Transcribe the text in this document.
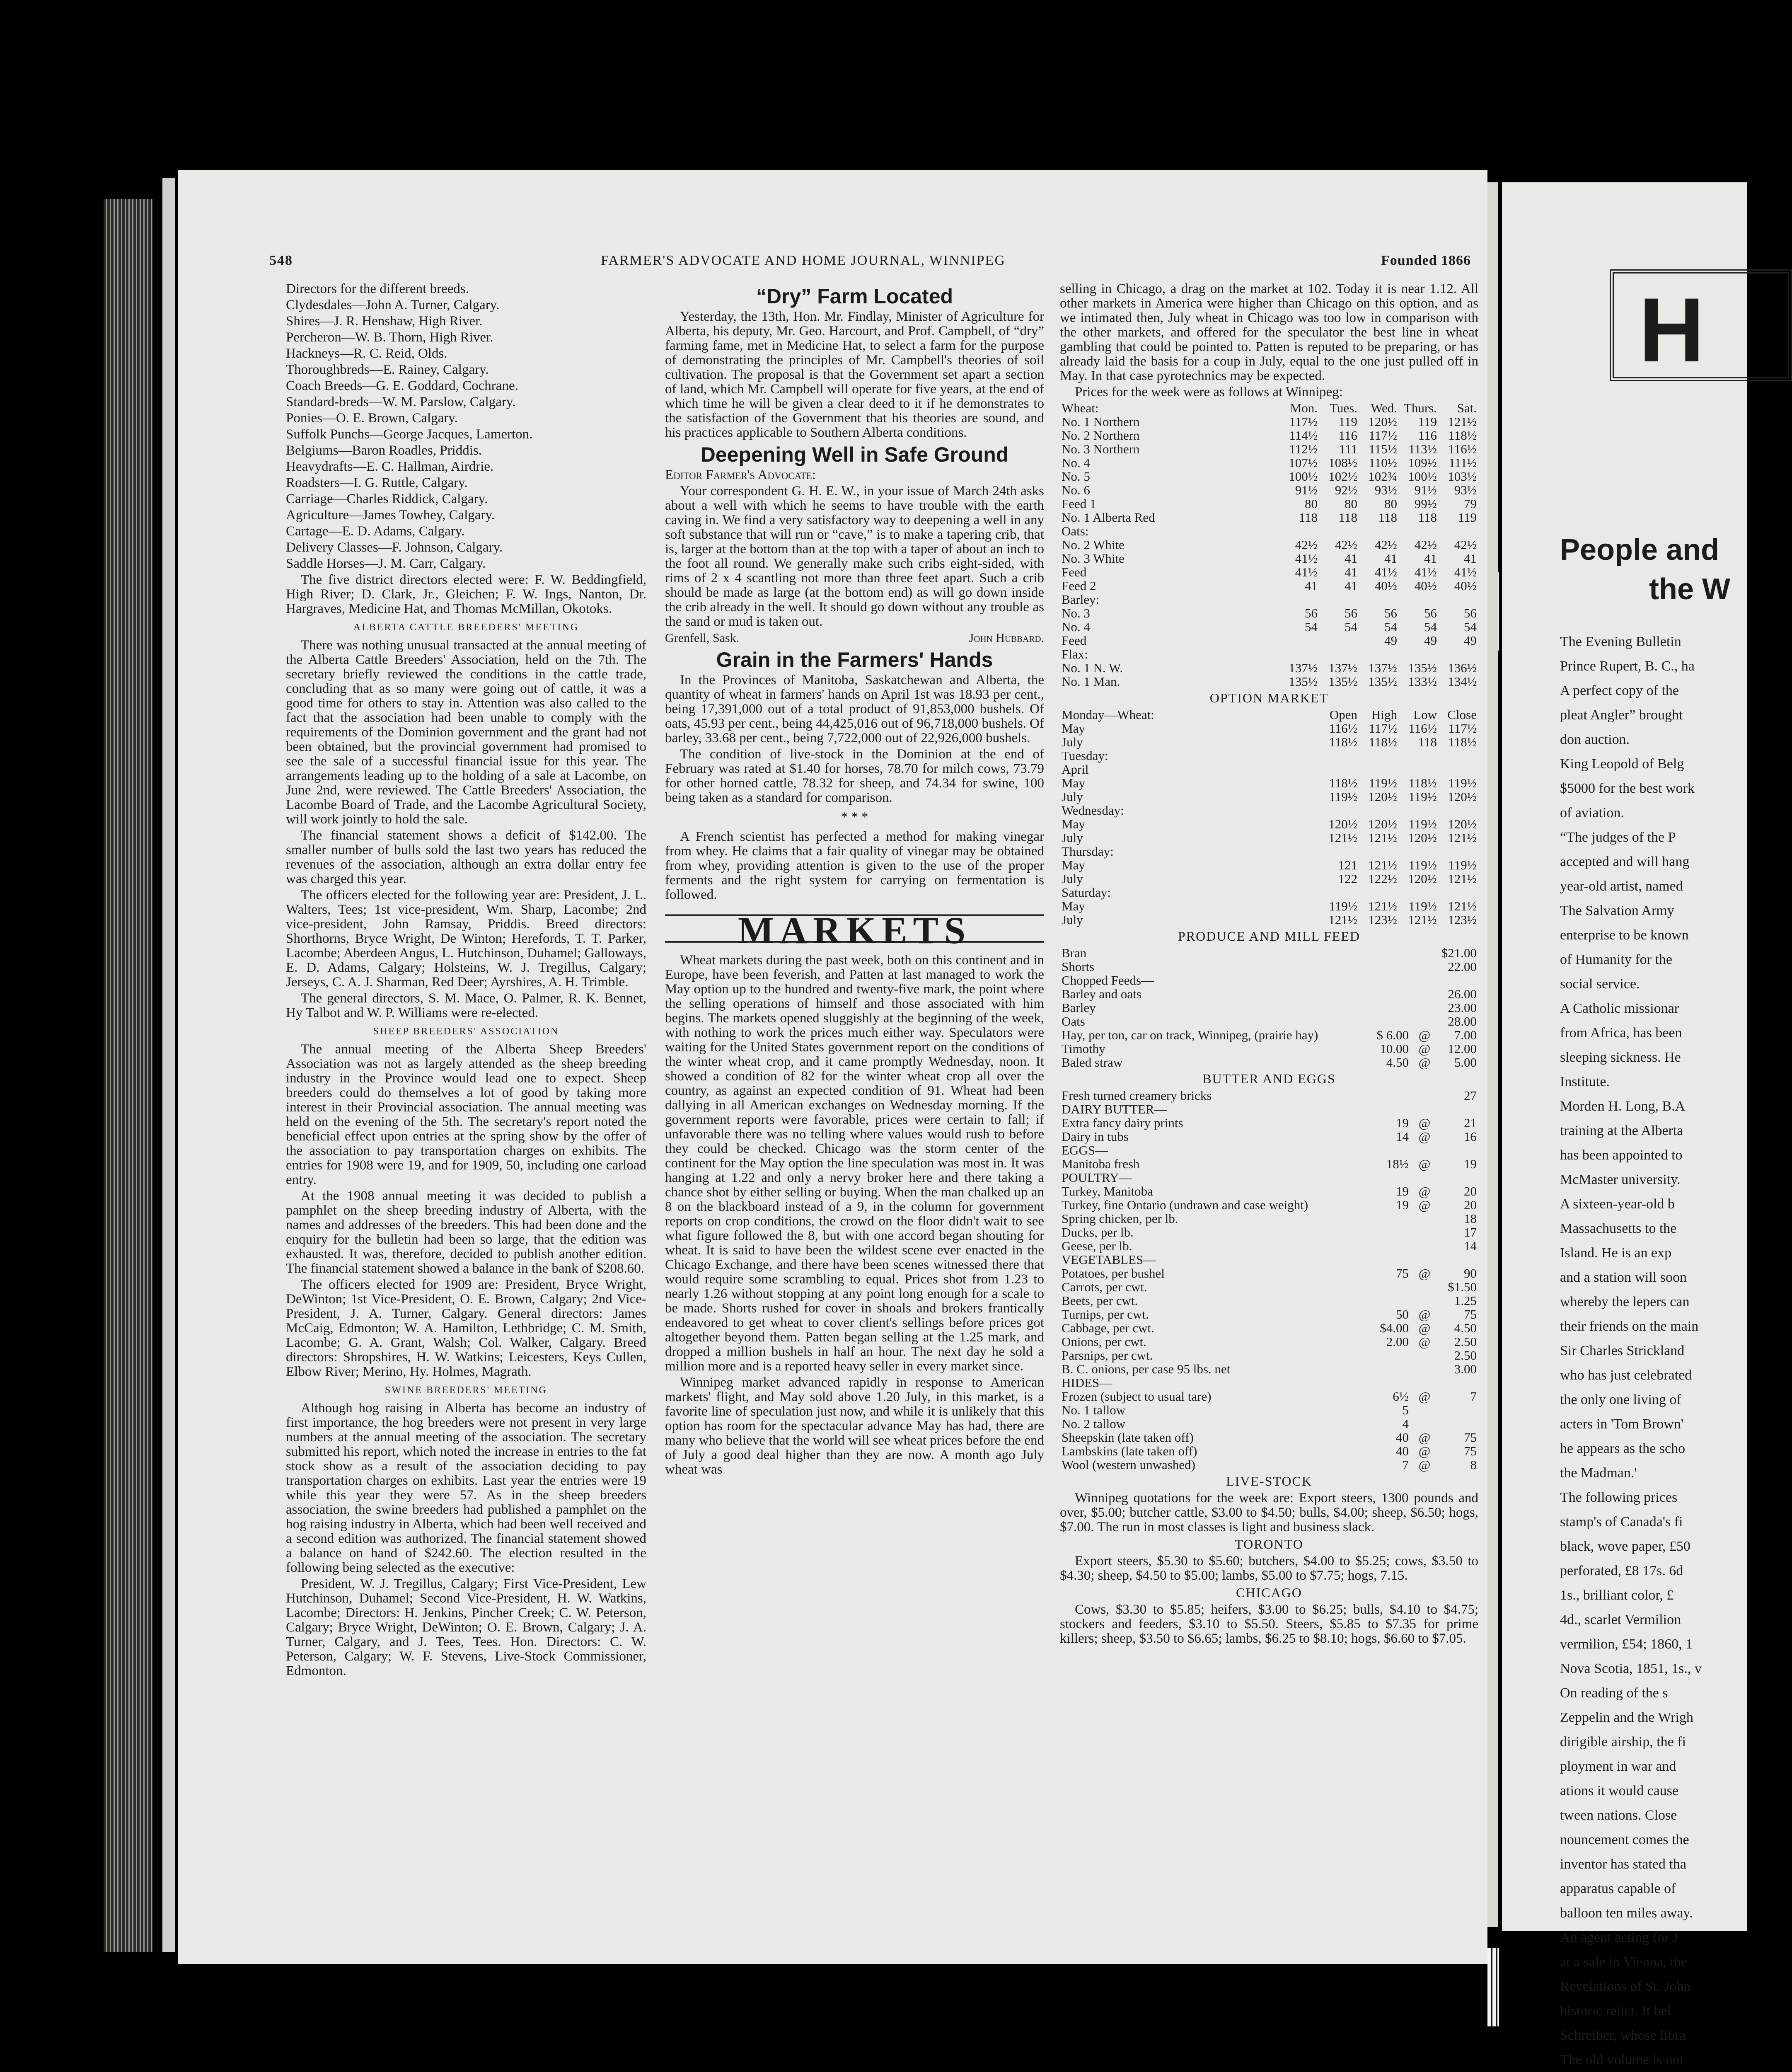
548	FARMER'S ADVOCATE AND HOME JOURNAL, WINNIPEG	Founded 1866

Directors for the different breeds.

Clydesdales—John A. Turner, Calgary.

Shires—J. R. Henshaw, High River.

Percheron—W. B. Thorn, High River.

Hackneys—R. C. Reid, Olds.

Thoroughbreds—E. Rainey, Calgary.

Coach Breeds—G. E. Goddard, Cochrane.

Standard-breds—W. M. Parslow, Calgary.

Ponies—O. E. Brown, Calgary.

Suffolk Punchs—George Jacques, Lamerton.

Belgiums—Baron Roadles, Priddis.

Heavydrafts—E. C. Hallman, Airdrie.

Roadsters—I. G. Ruttle, Calgary.

Carriage—Charles Riddick, Calgary.

Agriculture—James Towhey, Calgary.

Cartage—E. D. Adams, Calgary.

Delivery Classes—F. Johnson, Calgary.

Saddle Horses—J. M. Carr, Calgary.

The five district directors elected were: F. W. Beddingfield, High River; D. Clark, Jr., Gleichen; F. W. Ings, Nanton, Dr. Hargraves, Medicine Hat, and Thomas McMillan, Okotoks.

ALBERTA CATTLE BREEDERS' MEETING

There was nothing unusual transacted at the annual meeting of the Alberta Cattle Breeders' Association, held on the 7th. The secretary briefly reviewed the conditions in the cattle trade, concluding that as so many were going out of cattle, it was a good time for others to stay in. Attention was also called to the fact that the association had been unable to comply with the requirements of the Dominion government and the grant had not been obtained, but the provincial government had promised to see the sale of a successful financial issue for this year. The arrangements leading up to the holding of a sale at Lacombe, on June 2nd, were reviewed. The Cattle Breeders' Association, the Lacombe Board of Trade, and the Lacombe Agricultural Society, will work jointly to hold the sale.

The financial statement shows a deficit of $142.00. The smaller number of bulls sold the last two years has reduced the revenues of the association, although an extra dollar entry fee was charged this year.

The officers elected for the following year are: President, J. L. Walters, Tees; 1st vice-president, Wm. Sharp, Lacombe; 2nd vice-president, John Ramsay, Priddis. Breed directors: Shorthorns, Bryce Wright, De Winton; Herefords, T. T. Parker, Lacombe; Aberdeen Angus, L. Hutchinson, Duhamel; Galloways, E. D. Adams, Calgary; Holsteins, W. J. Tregillus, Calgary; Jerseys, C. A. J. Sharman, Red Deer; Ayrshires, A. H. Trimble.

The general directors, S. M. Mace, O. Palmer, R. K. Bennet, Hy Talbot and W. P. Williams were re-elected.

SHEEP BREEDERS' ASSOCIATION

The annual meeting of the Alberta Sheep Breeders' Association was not as largely attended as the sheep breeding industry in the Province would lead one to expect. Sheep breeders could do themselves a lot of good by taking more interest in their Provincial association. The annual meeting was held on the evening of the 5th. The secretary's report noted the beneficial effect upon entries at the spring show by the offer of the association to pay transportation charges on exhibits. The entries for 1908 were 19, and for 1909, 50, including one carload entry.

At the 1908 annual meeting it was decided to publish a pamphlet on the sheep breeding industry of Alberta, with the names and addresses of the breeders. This had been done and the enquiry for the bulletin had been so large, that the edition was exhausted. It was, therefore, decided to publish another edition. The financial statement showed a balance in the bank of $208.60.

The officers elected for 1909 are: President, Bryce Wright, DeWinton; 1st Vice-President, O. E. Brown, Calgary; 2nd Vice-President, J. A. Turner, Calgary. General directors: James McCaig, Edmonton; W. A. Hamilton, Lethbridge; C. M. Smith, Lacombe; G. A. Grant, Walsh; Col. Walker, Calgary. Breed directors: Shropshires, H. W. Watkins; Leicesters, Keys Cullen, Elbow River; Merino, Hy. Holmes, Magrath.

SWINE BREEDERS' MEETING

Although hog raising in Alberta has become an industry of first importance, the hog breeders were not present in very large numbers at the annual meeting of the association. The secretary submitted his report, which noted the increase in entries to the fat stock show as a result of the association deciding to pay transportation charges on exhibits. Last year the entries were 19 while this year they were 57. As in the sheep breeders association, the swine breeders had published a pamphlet on the hog raising industry in Alberta, which had been well received and a second edition was authorized. The financial statement showed a balance on hand of $242.60. The election resulted in the following being selected as the executive:

President, W. J. Tregillus, Calgary; First Vice-President, Lew Hutchinson, Duhamel; Second Vice-President, H. W. Watkins, Lacombe; Directors: H. Jenkins, Pincher Creek; C. W. Peterson, Calgary; Bryce Wright, DeWinton; O. E. Brown, Calgary; J. A. Turner, Calgary, and J. Tees, Tees. Hon. Directors: C. W. Peterson, Calgary; W. F. Stevens, Live-Stock Commissioner, Edmonton.

“Dry” Farm Located

Yesterday, the 13th, Hon. Mr. Findlay, Minister of Agriculture for Alberta, his deputy, Mr. Geo. Harcourt, and Prof. Campbell, of “dry” farming fame, met in Medicine Hat, to select a farm for the purpose of demonstrating the principles of Mr. Campbell's theories of soil cultivation. The proposal is that the Government set apart a section of land, which Mr. Campbell will operate for five years, at the end of which time he will be given a clear deed to it if he demonstrates to the satisfaction of the Government that his theories are sound, and his practices applicable to Southern Alberta conditions.

Deepening Well in Safe Ground

Editor Farmer's Advocate:

Your correspondent G. H. E. W., in your issue of March 24th asks about a well with which he seems to have trouble with the earth caving in. We find a very satisfactory way to deepening a well in any soft substance that will run or “cave,” is to make a tapering crib, that is, larger at the bottom than at the top with a taper of about an inch to the foot all round. We generally make such cribs eight-sided, with rims of 2 x 4 scantling not more than three feet apart. Such a crib should be made as large (at the bottom end) as will go down inside the crib already in the well. It should go down without any trouble as the sand or mud is taken out.

Grenfell, Sask.	John Hubbard.
Grain in the Farmers' Hands

In the Provinces of Manitoba, Saskatchewan and Alberta, the quantity of wheat in farmers' hands on April 1st was 18.93 per cent., being 17,391,000 out of a total product of 91,853,000 bushels. Of oats, 45.93 per cent., being 44,425,016 out of 96,718,000 bushels. Of barley, 33.68 per cent., being 7,722,000 out of 22,926,000 bushels.

The condition of live-stock in the Dominion at the end of February was rated at $1.40 for horses, 78.70 for milch cows, 73.79 for other horned cattle, 78.32 for sheep, and 74.34 for swine, 100 being taken as a standard for comparison.

* * *

A French scientist has perfected a method for making vinegar from whey. He claims that a fair quality of vinegar may be obtained from whey, providing attention is given to the use of the proper ferments and the right system for carrying on fermentation is followed.

MARKETS

Wheat markets during the past week, both on this continent and in Europe, have been feverish, and Patten at last managed to work the May option up to the hundred and twenty-five mark, the point where the selling operations of himself and those associated with him begins. The markets opened sluggishly at the beginning of the week, with nothing to work the prices much either way. Speculators were waiting for the United States government report on the conditions of the winter wheat crop, and it came promptly Wednesday, noon. It showed a condition of 82 for the winter wheat crop all over the country, as against an expected condition of 91. Wheat had been dallying in all American exchanges on Wednesday morning. If the government reports were favorable, prices were certain to fall; if unfavorable there was no telling where values would rush to before they could be checked. Chicago was the storm center of the continent for the May option the line speculation was most in. It was hanging at 1.22 and only a nervy broker here and there taking a chance shot by either selling or buying. When the man chalked up an 8 on the blackboard instead of a 9, in the column for government reports on crop conditions, the crowd on the floor didn't wait to see what figure followed the 8, but with one accord began shouting for wheat. It is said to have been the wildest scene ever enacted in the Chicago Exchange, and there have been scenes witnessed there that would require some scrambling to equal. Prices shot from 1.23 to nearly 1.26 without stopping at any point long enough for a scale to be made. Shorts rushed for cover in shoals and brokers frantically endeavored to get wheat to cover client's sellings before prices got altogether beyond them. Patten began selling at the 1.25 mark, and dropped a million bushels in half an hour. The next day he sold a million more and is a reported heavy seller in every market since.

Winnipeg market advanced rapidly in response to American markets' flight, and May sold above 1.20 July, in this market, is a favorite line of speculation just now, and while it is unlikely that this option has room for the spectacular advance May has had, there are many who believe that the world will see wheat prices before the end of July a good deal higher than they are now. A month ago July wheat was

selling in Chicago, a drag on the market at 102. Today it is near 1.12. All other markets in America were higher than Chicago on this option, and as we intimated then, July wheat in Chicago was too low in comparison with the other markets, and offered for the speculator the best line in wheat gambling that could be pointed to. Patten is reputed to be preparing, or has already laid the basis for a coup in July, equal to the one just pulled off in May. In that case pyrotechnics may be expected.

Prices for the week were as follows at Winnipeg:

Wheat:	Mon.	Tues.	Wed.	Thurs.	Sat.
No. 1 Northern	117½	119	120½	119	121½
No. 2 Northern	114½	116	117½	116	118½
No. 3 Northern	112½	111	115½	113½	116½
No. 4	107½	108½	110½	109½	111½
No. 5	100½	102½	102¾	100½	103½
No. 6	91½	92½	93½	91½	93½
Feed 1	80	80	80	99½	79
No. 1 Alberta Red	118	118	118	118	119
Oats:					
No. 2 White	42½	42½	42½	42½	42½
No. 3 White	41½	41	41	41	41
Feed	41½	41	41½	41½	41½
Feed 2	41	41	40½	40½	40½
Barley:					
No. 3	56	56	56	56	56
No. 4	54	54	54	54	54
Feed			49	49	49
Flax:					
No. 1 N. W.	137½	137½	137½	135½	136½
No. 1 Man.	135½	135½	135½	133½	134½
OPTION MARKET
Monday—Wheat:	Open	High	Low	Close
May	116½	117½	116½	117½
July	118½	118½	118	118½
Tuesday:				
April				
May	118½	119½	118½	119½
July	119½	120½	119½	120½
Wednesday:				
May	120½	120½	119½	120½
July	121½	121½	120½	121½
Thursday:				
May	121	121½	119½	119½
July	122	122½	120½	121½
Saturday:				
May	119½	121½	119½	121½
July	121½	123½	121½	123½
PRODUCE AND MILL FEED
Bran			$21.00
Shorts			22.00
Chopped Feeds—			
Barley and oats			26.00
Barley			23.00
Oats			28.00
Hay, per ton, car on track, Winnipeg, (prairie hay)	$ 6.00	@	7.00
Timothy	10.00	@	12.00
Baled straw	4.50	@	5.00
BUTTER AND EGGS
Fresh turned creamery bricks			27
DAIRY BUTTER—			
Extra fancy dairy prints	19	@	21
Dairy in tubs	14	@	16
EGGS—			
Manitoba fresh	18½	@	19
POULTRY—			
Turkey, Manitoba	19	@	20
Turkey, fine Ontario (undrawn and case weight)	19	@	20
Spring chicken, per lb.			18
Ducks, per lb.			17
Geese, per lb.			14
VEGETABLES—			
Potatoes, per bushel	75	@	90
Carrots, per cwt.			$1.50
Beets, per cwt.			1.25
Turnips, per cwt.	50	@	75
Cabbage, per cwt.	$4.00	@	4.50
Onions, per cwt.	2.00	@	2.50
Parsnips, per cwt.			2.50
B. C. onions, per case 95 lbs. net			3.00
HIDES—			
Frozen (subject to usual tare)	6½	@	7
No. 1 tallow	5		
No. 2 tallow	4		
Sheepskin (late taken off)	40	@	75
Lambskins (late taken off)	40	@	75
Wool (western unwashed)	7	@	8
LIVE-STOCK

Winnipeg quotations for the week are: Export steers, 1300 pounds and over, $5.00; butcher cattle, $3.00 to $4.50; bulls, $4.00; sheep, $6.50; hogs, $7.00. The run in most classes is light and business slack.

TORONTO

Export steers, $5.30 to $5.60; butchers, $4.00 to $5.25; cows, $3.50 to $4.30; sheep, $4.50 to $5.00; lambs, $5.00 to $7.75; hogs, 7.15.

CHICAGO

Cows, $3.30 to $5.85; heifers, $3.00 to $6.25; bulls, $4.10 to $4.75; stockers and feeders, $3.10 to $5.50. Steers, $5.85 to $7.35 for prime killers; sheep, $3.50 to $6.65; lambs, $6.25 to $8.10; hogs, $6.60 to $7.05.

H
People and
the W

The Evening Bulletin

Prince Rupert, B. C., ha

A perfect copy of the

pleat Angler” brought

don auction.

King Leopold of Belg

$5000 for the best work

of aviation.

“The judges of the P

accepted and will hang

year-old artist, named

The Salvation Army

enterprise to be known

of Humanity for the

social service.

A Catholic missionar

from Africa, has been

sleeping sickness. He

Institute.

Morden H. Long, B.A

training at the Alberta

has been appointed to

McMaster university.

A sixteen-year-old b

Massachusetts to the

Island. He is an exp

and a station will soon

whereby the lepers can

their friends on the main

Sir Charles Strickland

who has just celebrated

the only one living of

acters in 'Tom Brown'

he appears as the scho

the Madman.'

The following prices

stamp's of Canada's fi

black, wove paper, £50

perforated, £8 17s. 6d

1s., brilliant color, £

4d., scarlet Vermilion

vermilion, £54; 1860, 1

Nova Scotia, 1851, 1s., v

On reading of the s

Zeppelin and the Wrigh

dirigible airship, the fi

ployment in war and

ations it would cause

tween nations. Close

nouncement comes the

inventor has stated tha

apparatus capable of

balloon ten miles away.

An agent acting for J

at a sale in Vienna, the

Revelations of St. John

historic relict. It bel

Schreiber, whose libra

The old volume is not
